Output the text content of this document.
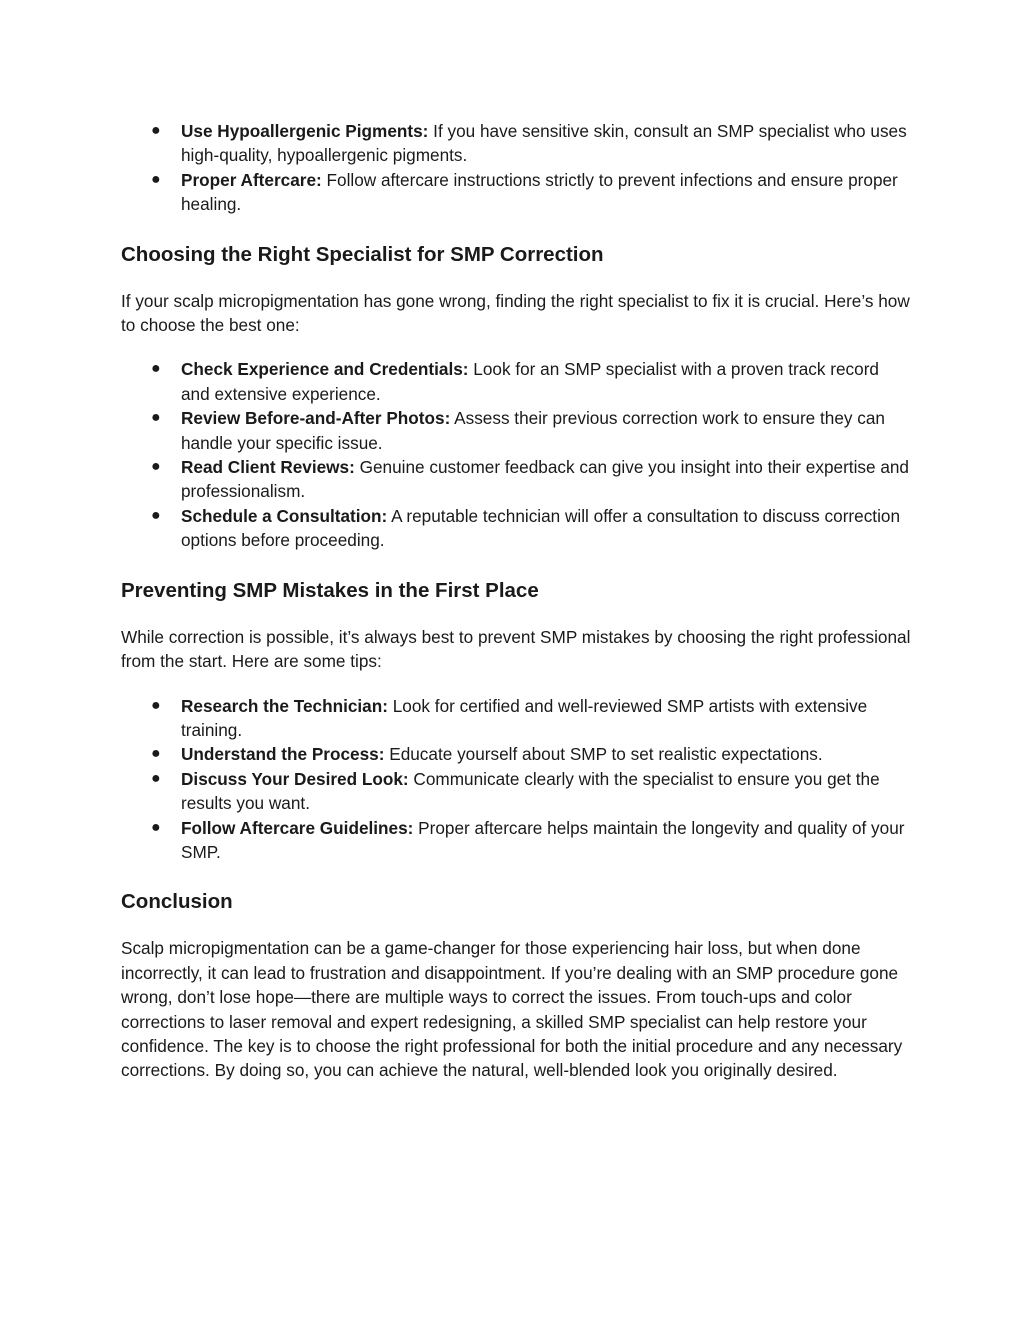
● Use Hypoallergenic Pigments: If you have sensitive skin, consult an SMP specialist who uses high-quality, hypoallergenic pigments.
● Proper Aftercare: Follow aftercare instructions strictly to prevent infections and ensure proper healing.
Choosing the Right Specialist for SMP Correction

If your scalp micropigmentation has gone wrong, finding the right specialist to fix it is crucial. Here’s how to choose the best one:

● Check Experience and Credentials: Look for an SMP specialist with a proven track record and extensive experience.
● Review Before-and-After Photos: Assess their previous correction work to ensure they can handle your specific issue.
● Read Client Reviews: Genuine customer feedback can give you insight into their expertise and professionalism.
● Schedule a Consultation: A reputable technician will offer a consultation to discuss correction options before proceeding.
Preventing SMP Mistakes in the First Place

While correction is possible, it’s always best to prevent SMP mistakes by choosing the right professional from the start. Here are some tips:

● Research the Technician: Look for certified and well-reviewed SMP artists with extensive training.
● Understand the Process: Educate yourself about SMP to set realistic expectations.
● Discuss Your Desired Look: Communicate clearly with the specialist to ensure you get the results you want.
● Follow Aftercare Guidelines: Proper aftercare helps maintain the longevity and quality of your SMP.
Conclusion

Scalp micropigmentation can be a game-changer for those experiencing hair loss, but when done incorrectly, it can lead to frustration and disappointment. If you’re dealing with an SMP procedure gone wrong, don’t lose hope—there are multiple ways to correct the issues. From touch-ups and color corrections to laser removal and expert redesigning, a skilled SMP specialist can help restore your confidence. The key is to choose the right professional for both the initial procedure and any necessary corrections. By doing so, you can achieve the natural, well-blended look you originally desired.
